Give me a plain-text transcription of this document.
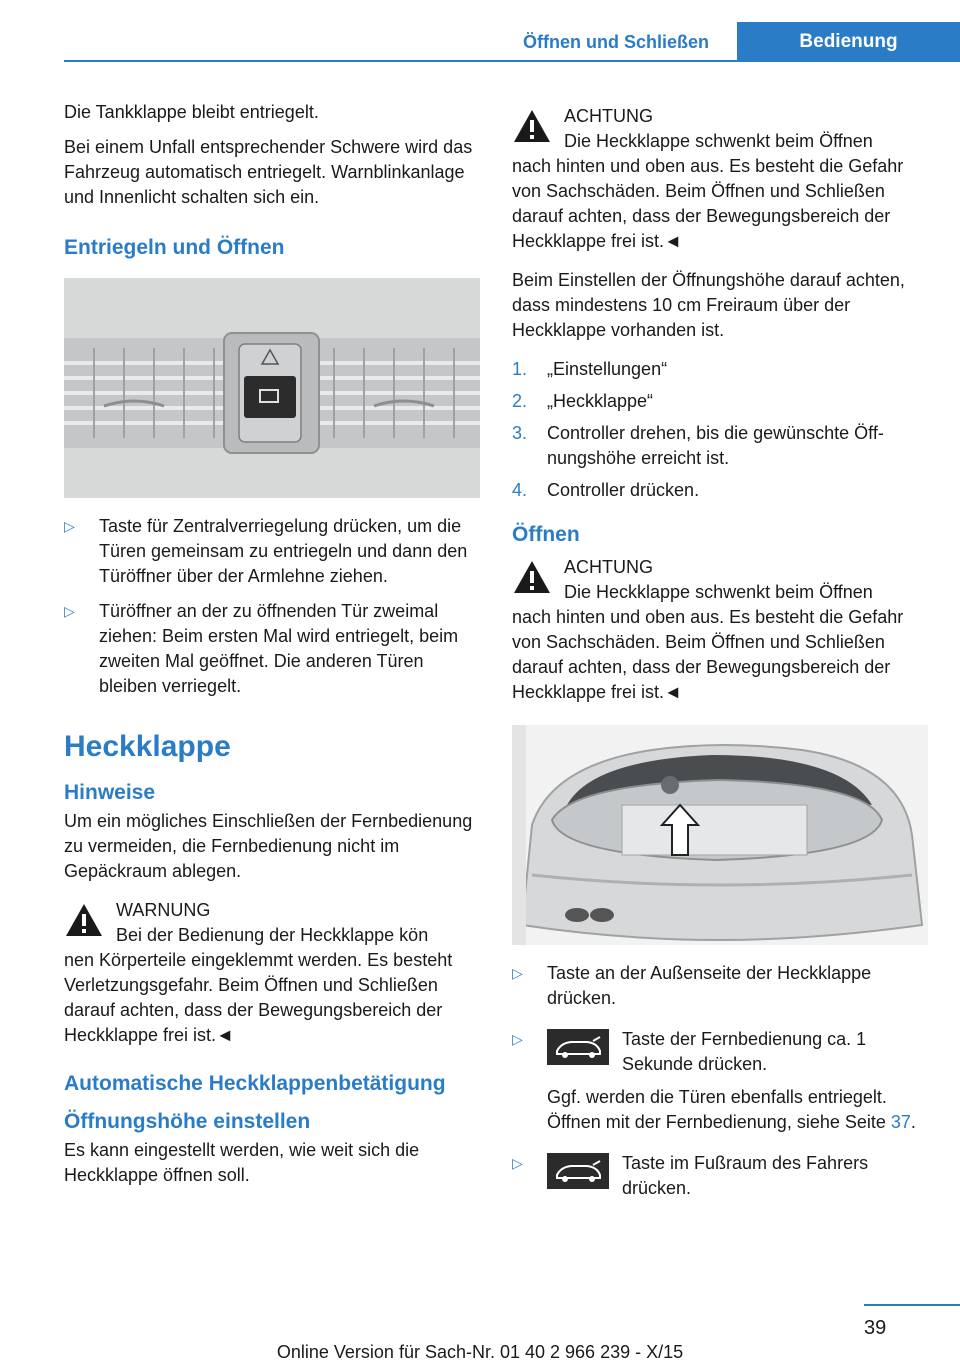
Öffnen und Schließen	Bedienung

Die Tankklappe bleibt entriegelt.

Bei einem Unfall entsprechender Schwere wird das Fahrzeug automatisch entriegelt. Warnblinkanlage und Innenlicht schalten sich ein.

Entriegeln und Öffnen
▷ Taste für Zentralverriegelung drücken, um die Türen gemeinsam zu entriegeln und dann den Türöffner über der Armlehne ziehen.
▷ Türöffner an der zu öffnenden Tür zweimal ziehen: Beim ersten Mal wird entriegelt, beim zweiten Mal geöffnet. Die anderen Türen bleiben verriegelt.
Heckklappe
Hinweise

Um ein mögliches Einschließen der Fernbedienung zu vermeiden, die Fernbedienung nicht im Gepäckraum ablegen.

WARNUNG
Bei der Bedienung der Heckklappe kön
nen Körperteile eingeklemmt werden. Es besteht Verletzungsgefahr. Beim Öffnen und Schließen darauf achten, dass der Bewegungsbereich der Heckklappe frei ist.◄
Automatische Heckklappenbetätigung
Öffnungshöhe einstellen

Es kann eingestellt werden, wie weit sich die Heckklappe öffnen soll.

ACHTUNG
Die Heckklappe schwenkt beim Öffnen
nach hinten und oben aus. Es besteht die Gefahr von Sachschäden. Beim Öffnen und Schließen darauf achten, dass der Bewegungsbereich der Heckklappe frei ist.◄

Beim Einstellen der Öffnungshöhe darauf achten, dass mindestens 10 cm Freiraum über der Heckklappe vorhanden ist.

1. „Einstellungen“
2. „Heckklappe“
3. Controller drehen, bis die gewünschte Öffnungshöhe erreicht ist.
4. Controller drücken.
Öffnen
ACHTUNG
Die Heckklappe schwenkt beim Öffnen
nach hinten und oben aus. Es besteht die Gefahr von Sachschäden. Beim Öffnen und Schließen darauf achten, dass der Bewegungsbereich der Heckklappe frei ist.◄
▷ Taste an der Außenseite der Heckklappe drücken.
▷	Taste der Fernbedienung ca. 1 Sekunde drücken.
Ggf. werden die Türen ebenfalls entriegelt. Öffnen mit der Fernbedienung, siehe Seite 37.
▷	Taste im Fußraum des Fahrers drücken.
39
Online Version für Sach-Nr. 01 40 2 966 239 - X/15
